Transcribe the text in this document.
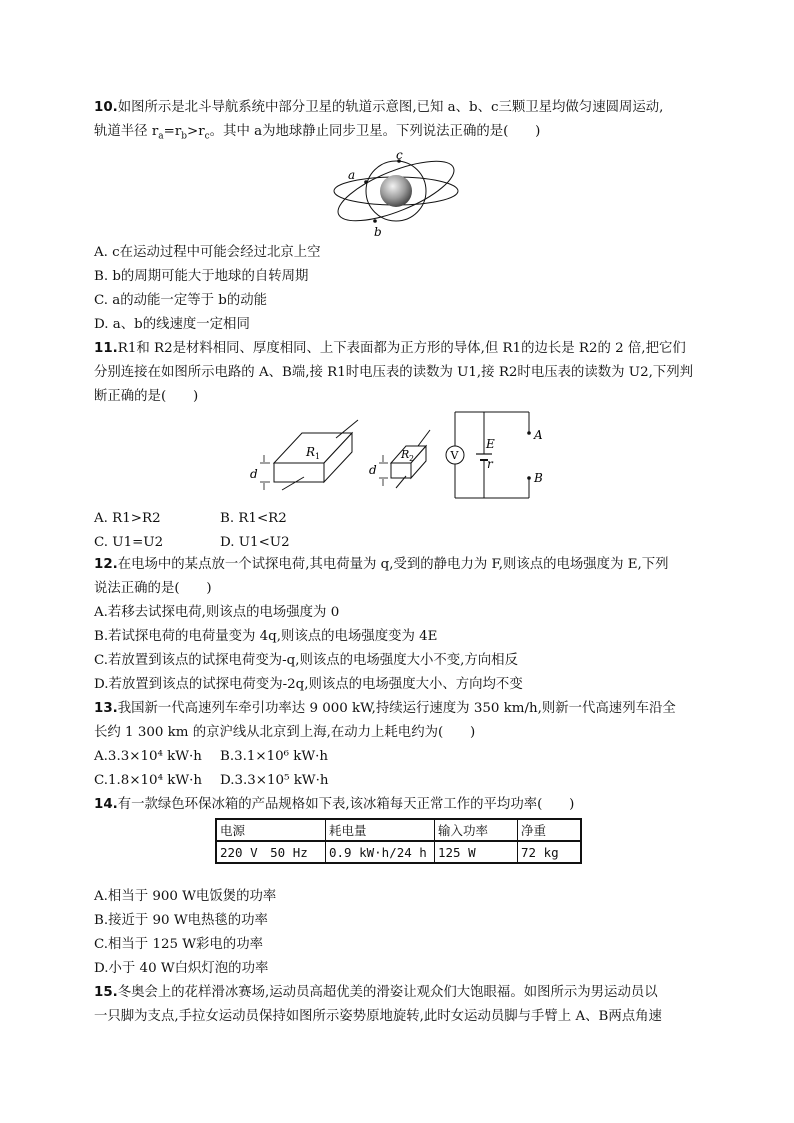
10.如图所示是北斗导航系统中部分卫星的轨道示意图,已知 a、b、c三颗卫星均做匀速圆周运动,
轨道半径 $r_a=r_b>r_c$。其中 a为地球静止同步卫星。下列说法正确的是(　　)
a
c
b
A. c在运动过程中可能会经过北京上空
B. b的周期可能大于地球的自转周期
C. a的动能一定等于 b的动能
D. a、b的线速度一定相同
11.R1和 R2是材料相同、厚度相同、上下表面都为正方形的导体,但 R1的边长是 R2的 2 倍,把它们
分别连接在如图所示电路的 A、B端,接 R1时电压表的读数为 U1,接 R2时电压表的读数为 U2,下列判
断正确的是(　　)
R 1
d
R 2
d
V
E
r
A
B
A. R1>R2	B. R1<R2
C. U1=U2	D. U1<U2
12.在电场中的某点放一个试探电荷,其电荷量为 q,受到的静电力为 F,则该点的电场强度为 E,下列
说法正确的是(　　)
A.若移去试探电荷,则该点的电场强度为 0
B.若试探电荷的电荷量变为 4q,则该点的电场强度变为 4E
C.若放置到该点的试探电荷变为-q,则该点的电场强度大小不变,方向相反
D.若放置到该点的试探电荷变为-2q,则该点的电场强度大小、方向均不变
13.我国新一代高速列车牵引功率达 9 000 kW,持续运行速度为 350 km/h,则新一代高速列车沿全
长约 1 300 km 的京沪线从北京到上海,在动力上耗电约为(　　)
A.3.3×10⁴ kW·h B.3.1×10⁶ kW·h
C.1.8×10⁴ kW·h D.3.3×10⁵ kW·h
14.有一款绿色环保冰箱的产品规格如下表,该冰箱每天正常工作的平均功率(　　)
电源	耗电量	输入功率	净重
220 V　50 Hz	0.9 kW·h/24 h	125 W	72 kg
A.相当于 900 W电饭煲的功率
B.接近于 90 W电热毯的功率
C.相当于 125 W彩电的功率
D.小于 40 W白炽灯泡的功率
15.冬奥会上的花样滑冰赛场,运动员高超优美的滑姿让观众们大饱眼福。如图所示为男运动员以
一只脚为支点,手拉女运动员保持如图所示姿势原地旋转,此时女运动员脚与手臂上 A、B两点角速
